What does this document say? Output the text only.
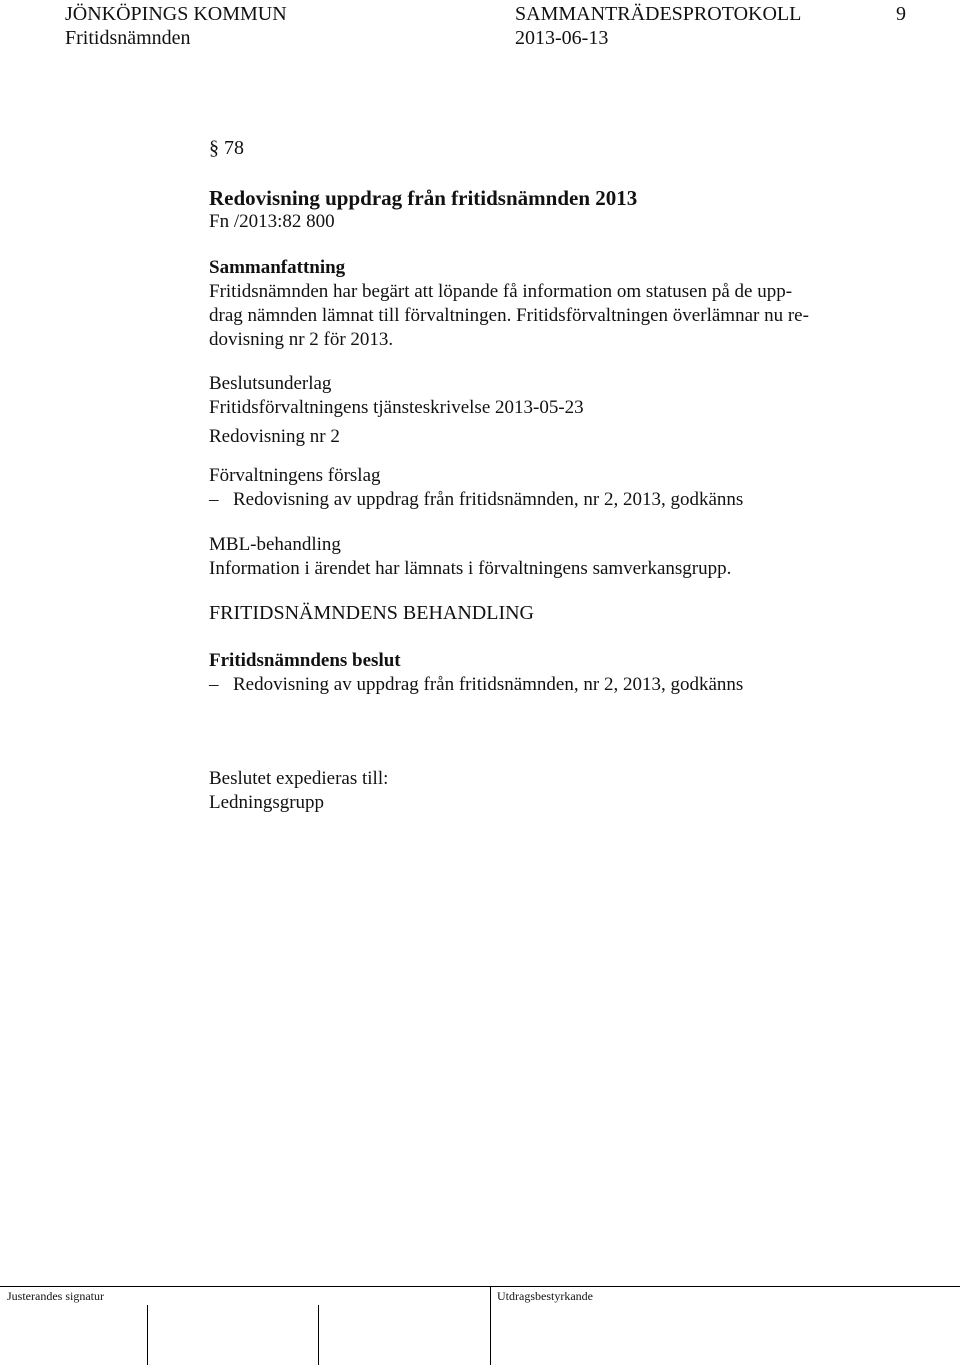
JÖNKÖPINGS KOMMUN	SAMMANTRÄDESPROTOKOLL	9
Fritidsnämnden	2013-06-13
§ 78
Redovisning uppdrag från fritidsnämnden 2013
Fn /2013:82 800
Sammanfattning
Fritidsnämnden har begärt att löpande få information om statusen på de upp-
drag nämnden lämnat till förvaltningen. Fritidsförvaltningen överlämnar nu re-
dovisning nr 2 för 2013.
Beslutsunderlag
Fritidsförvaltningens tjänsteskrivelse 2013-05-23
Redovisning nr 2
Förvaltningens förslag
– Redovisning av uppdrag från fritidsnämnden, nr 2, 2013, godkänns
MBL-behandling
Information i ärendet har lämnats i förvaltningens samverkansgrupp.
FRITIDSNÄMNDENS BEHANDLING
Fritidsnämndens beslut
– Redovisning av uppdrag från fritidsnämnden, nr 2, 2013, godkänns
Beslutet expedieras till:
Ledningsgrupp
Justerandes signatur	Utdragsbestyrkande
